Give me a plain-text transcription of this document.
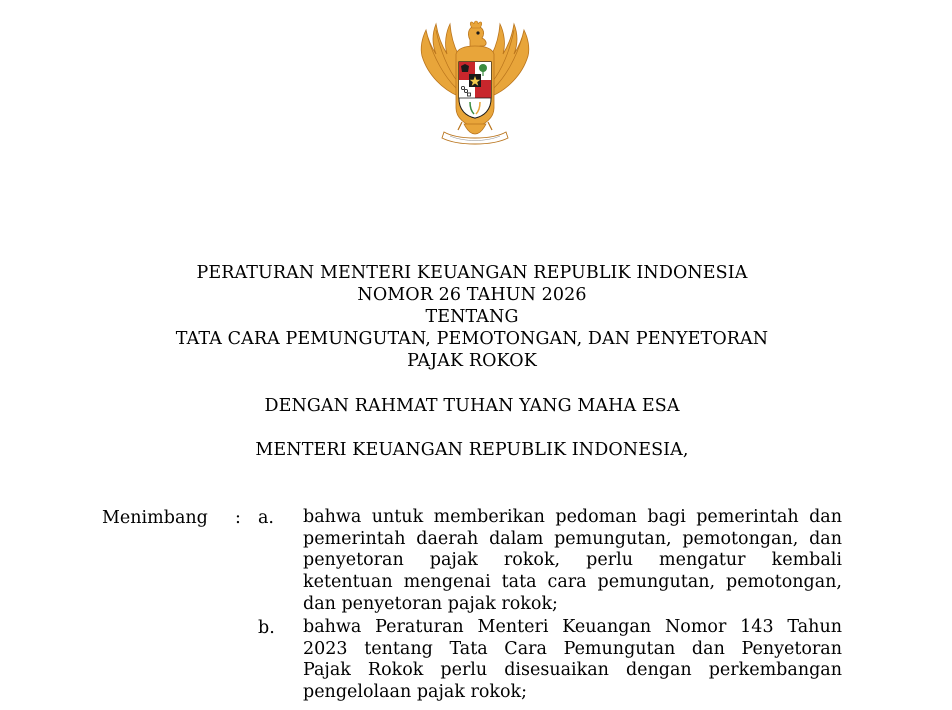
PERATURAN MENTERI KEUANGAN REPUBLIK INDONESIA
NOMOR 26 TAHUN 2026
TENTANG
TATA CARA PEMUNGUTAN, PEMOTONGAN, DAN PENYETORAN
PAJAK ROKOK
DENGAN RAHMAT TUHAN YANG MAHA ESA
MENTERI KEUANGAN REPUBLIK INDONESIA,
Menimbang : a. bahwa untuk memberikan pedoman bagi pemerintah dan
pemerintah daerah dalam pemungutan, pemotongan, dan
penyetoran pajak rokok, perlu mengatur kembali
ketentuan mengenai tata cara pemungutan, pemotongan,
dan penyetoran pajak rokok;
b. bahwa Peraturan Menteri Keuangan Nomor 143 Tahun
2023 tentang Tata Cara Pemungutan dan Penyetoran
Pajak Rokok perlu disesuaikan dengan perkembangan
pengelolaan pajak rokok;
